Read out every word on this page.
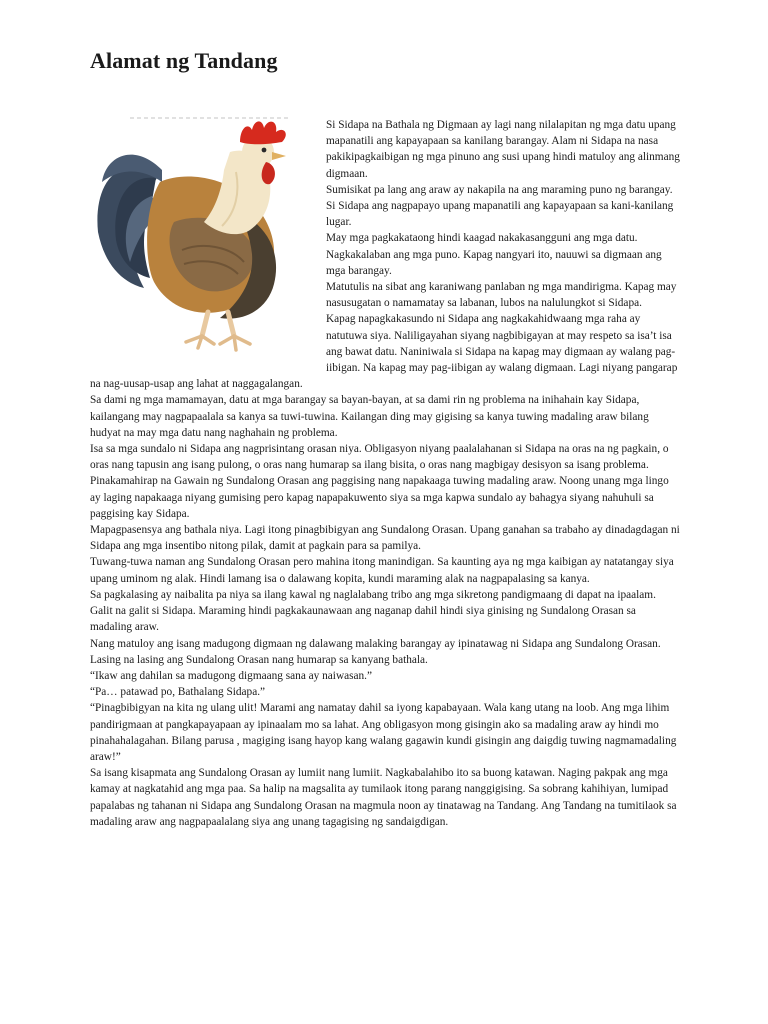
Alamat ng Tandang

Si Sidapa na Bathala ng Digmaan ay lagi nang nilalapitan ng mga datu upang mapanatili ang kapayapaan sa kanilang barangay. Alam ni Sidapa na nasa pakikipagkaibigan ng mga pinuno ang susi upang hindi matuloy ang alinmang digmaan.

Sumisikat pa lang ang araw ay nakapila na ang maraming puno ng barangay. Si Sidapa ang nagpapayo upang mapanatili ang kapayapaan sa kani-kanilang lugar.

May mga pagkakataong hindi kaagad nakakasangguni ang mga datu. Nagkakalaban ang mga puno. Kapag nangyari ito, nauuwi sa digmaan ang mga barangay.

Matutulis na sibat ang karaniwang panlaban ng mga mandirigma. Kapag may nasusugatan o namamatay sa labanan, lubos na nalulungkot si Sidapa.

Kapag napagkakasundo ni Sidapa ang nagkakahidwaang mga raha ay natutuwa siya. Naliligayahan siyang nagbibigayan at may respeto sa isa’t isa ang bawat datu. Naniniwala si Sidapa na kapag may digmaan ay walang pag-iibigan. Na kapag may pag-iibigan ay walang digmaan. Lagi niyang pangarap na nag-uusap-usap ang lahat at naggagalangan.

Sa dami ng mga mamamayan, datu at mga barangay sa bayan-bayan, at sa dami rin ng problema na inihahain kay Sidapa, kailangang may nagpapaalala sa kanya sa tuwi-tuwina. Kailangan ding may gigising sa kanya tuwing madaling araw bilang hudyat na may mga datu nang naghahain ng problema.

Isa sa mga sundalo ni Sidapa ang nagprisintang orasan niya. Obligasyon niyang paalalahanan si Sidapa na oras na ng pagkain, o oras nang tapusin ang isang pulong, o oras nang humarap sa ilang bisita, o oras nang magbigay desisyon sa isang problema. Pinakamahirap na Gawain ng Sundalong Orasan ang paggising nang napakaaga tuwing madaling araw. Noong unang mga lingo ay laging napakaaga niyang gumising pero kapag napapakuwento siya sa mga kapwa sundalo ay bahagya siyang nahuhuli sa paggising kay Sidapa.

Mapagpasensya ang bathala niya. Lagi itong pinagbibigyan ang Sundalong Orasan. Upang ganahan sa trabaho ay dinadagdagan ni Sidapa ang mga insentibo nitong pilak, damit at pagkain para sa pamilya.

Tuwang-tuwa naman ang Sundalong Orasan pero mahina itong manindigan. Sa kaunting aya ng mga kaibigan ay natatangay siya upang uminom ng alak. Hindi lamang isa o dalawang kopita, kundi maraming alak na nagpapalasing sa kanya.

Sa pagkalasing ay naibalita pa niya sa ilang kawal ng naglalabang tribo ang mga sikretong pandigmaang di dapat na ipaalam. Galit na galit si Sidapa. Maraming hindi pagkakaunawaan ang naganap dahil hindi siya ginising ng Sundalong Orasan sa madaling araw.

Nang matuloy ang isang madugong digmaan ng dalawang malaking barangay ay ipinatawag ni Sidapa ang Sundalong Orasan.

Lasing na lasing ang Sundalong Orasan nang humarap sa kanyang bathala.

“Ikaw ang dahilan sa madugong digmaang sana ay naiwasan.”

“Pa… patawad po, Bathalang Sidapa.”

“Pinagbibigyan na kita ng ulang ulit! Marami ang namatay dahil sa iyong kapabayaan. Wala kang utang na loob. Ang mga lihim pandirigmaan at pangkapayapaan ay ipinaalam mo sa lahat. Ang obligasyon mong gisingin ako sa madaling araw ay hindi mo pinahahalagahan. Bilang parusa , magiging isang hayop kang walang gagawin kundi gisingin ang daigdig tuwing nagmamadaling araw!”

Sa isang kisapmata ang Sundalong Orasan ay lumiit nang lumiit. Nagkabalahibo ito sa buong katawan. Naging pakpak ang mga kamay at nagkatahid ang mga paa. Sa halip na magsalita ay tumilaok itong parang nanggigising. Sa sobrang kahihiyan, lumipad papalabas ng tahanan ni Sidapa ang Sundalong Orasan na magmula noon ay tinatawag na Tandang. Ang Tandang na tumitilaok sa madaling araw ang nagpapaalalang siya ang unang tagagising ng sandaigdigan.
